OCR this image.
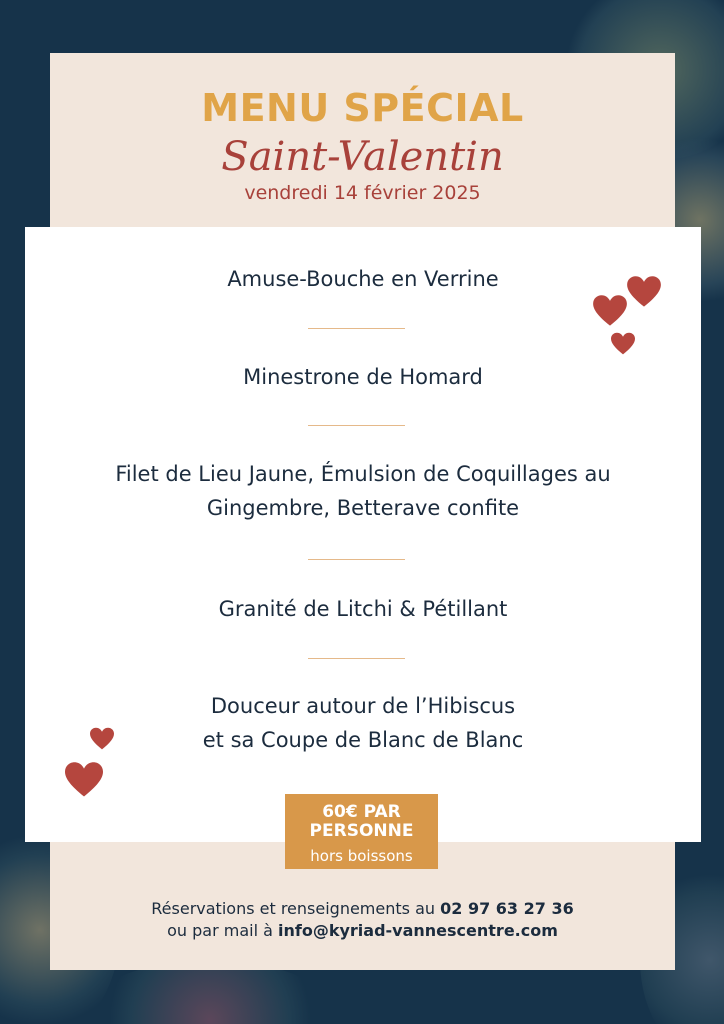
MENU SPÉCIAL

Saint-Valentin

vendredi 14 février 2025

Amuse-Bouche en Verrine

Minestrone de Homard

Filet de Lieu Jaune, Émulsion de Coquillages au
Gingembre, Betterave confite

Granité de Litchi & Pétillant

Douceur autour de l’Hibiscus
et sa Coupe de Blanc de Blanc

60€ PAR PERSONNE
hors boissons
Réservations et renseignements au 02 97 63 27 36
ou par mail à info@kyriad-vannescentre.com
